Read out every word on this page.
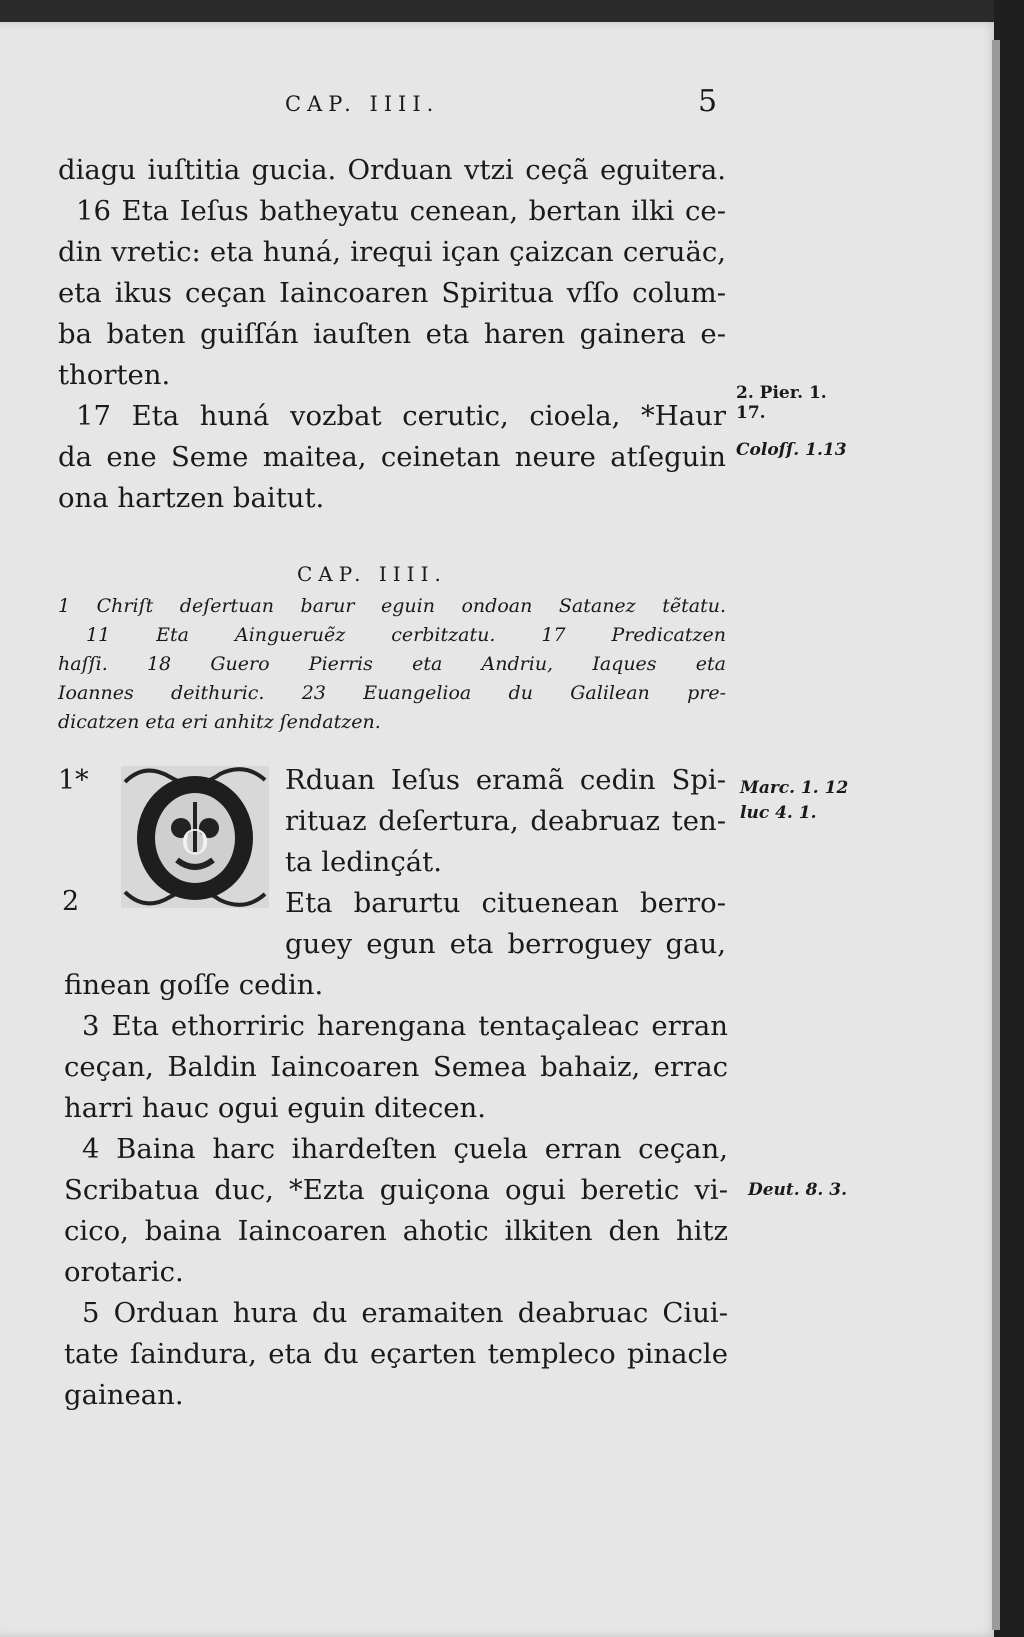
CAP. IIII.	5
diagu iuſtitia gucia. Orduan vtzi ceçã eguitera.
16 Eta Ieſus batheyatu cenean, bertan ilki ce-
din vretic: eta huná, irequi içan çaizcan ceruäc,
eta ikus ceçan Iaincoaren Spiritua vſſo colum-
ba baten guiſſán iauſten eta haren gainera e-
thorten.
17 Eta huná vozbat cerutic, cioela, *Haur
da ene Seme maitea, ceinetan neure atſeguin
ona hartzen baitut.
2. Pier. 1.
17.
Coloſſ. 1.13
CAP. IIII.
1 Chriſt deſertuan barur eguin ondoan Satanez tẽtatu.
11 Eta Aingueruẽz cerbitzatu. 17 Predicatzen
haſſi. 18 Guero Pierris eta Andriu, Iaques eta
Ioannes deithuric. 23 Euangelioa du Galilean pre-
dicatzen eta eri anhitz ſendatzen.
1*
2
O
Rduan Ieſus eramã cedin Spi-
rituaz deſertura, deabruaz ten-
ta ledinçát.
Eta barurtu cituenean berro-
guey egun eta berroguey gau,
Marc. 1. 12
luc 4. 1.
finean goſſe cedin.
3 Eta ethorriric harengana tentaçaleac erran
ceçan, Baldin Iaincoaren Semea bahaiz, errac
harri hauc ogui eguin ditecen.
4 Baina harc ihardeſten çuela erran ceçan,
Scribatua duc, *Ezta guiçona ogui beretic vi-
cico, baina Iaincoaren ahotic ilkiten den hitz
orotaric.
5 Orduan hura du eramaiten deabruac Ciui-
tate ſaindura, eta du eçarten templeco pinacle
gainean.
Deut. 8. 3.
